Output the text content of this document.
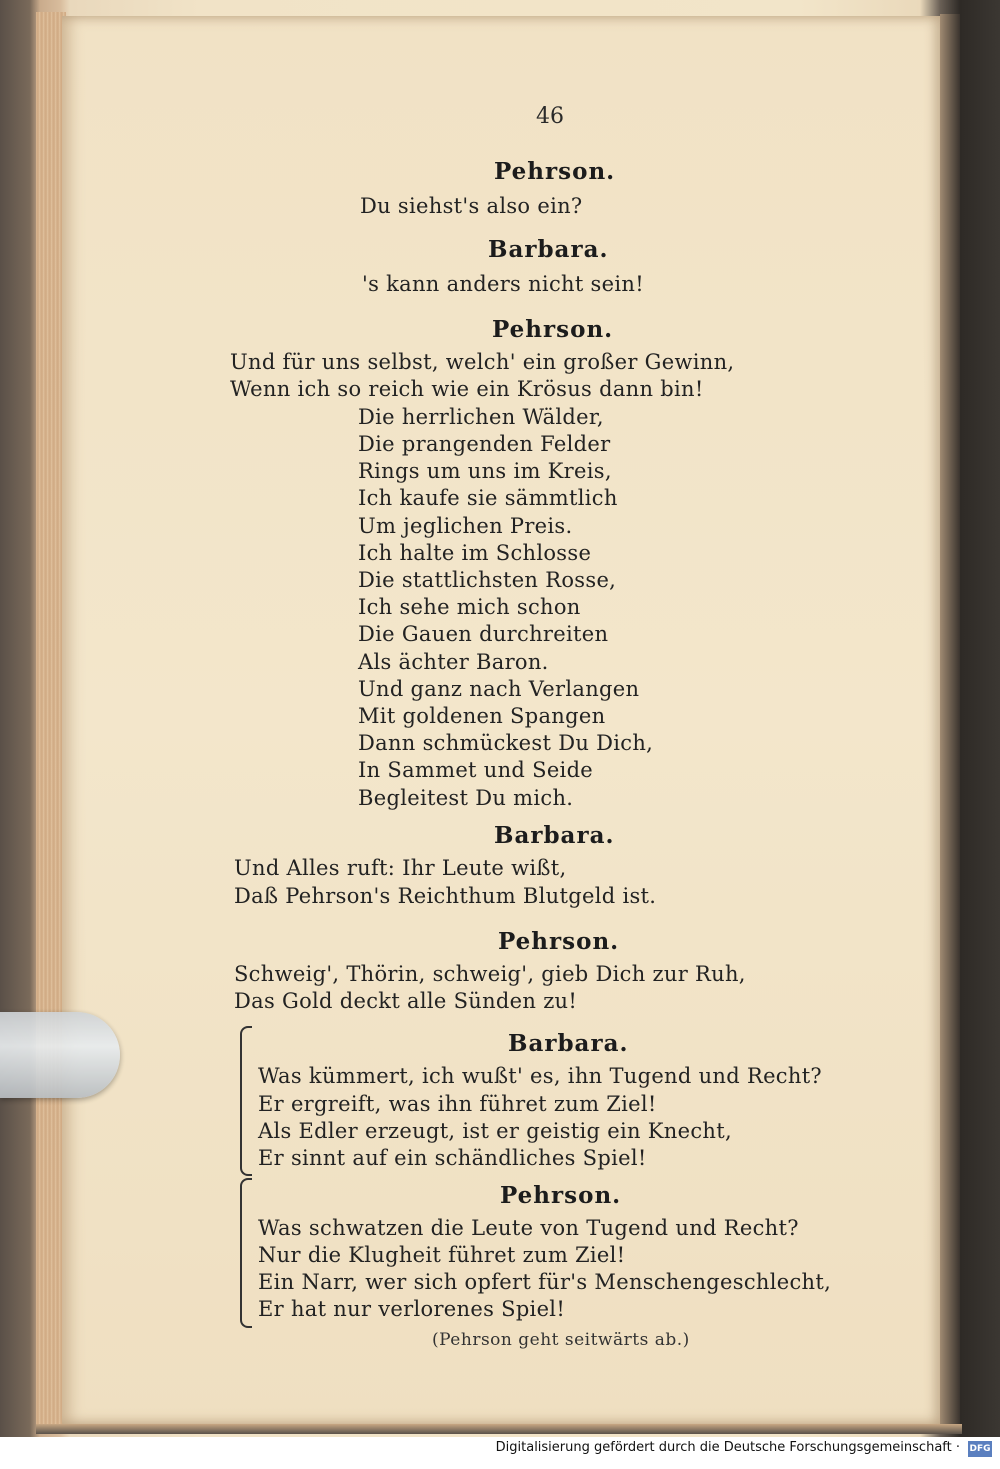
46
Pehrson.
Du siehst's also ein?
Barbara.
's kann anders nicht sein!
Pehrson.
Und für uns selbst, welch' ein großer Gewinn,
Wenn ich so reich wie ein Krösus dann bin!
Die herrlichen Wälder,
Die prangenden Felder
Rings um uns im Kreis,
Ich kaufe sie sämmtlich
Um jeglichen Preis.
Ich halte im Schlosse
Die stattlichsten Rosse,
Ich sehe mich schon
Die Gauen durchreiten
Als ächter Baron.
Und ganz nach Verlangen
Mit goldenen Spangen
Dann schmückest Du Dich,
In Sammet und Seide
Begleitest Du mich.
Barbara.
Und Alles ruft: Ihr Leute wißt,
Daß Pehrson's Reichthum Blutgeld ist.
Pehrson.
Schweig', Thörin, schweig', gieb Dich zur Ruh,
Das Gold deckt alle Sünden zu!
Barbara.
Was kümmert, ich wußt' es, ihn Tugend und Recht?
Er ergreift, was ihn führet zum Ziel!
Als Edler erzeugt, ist er geistig ein Knecht,
Er sinnt auf ein schändliches Spiel!
Pehrson.
Was schwatzen die Leute von Tugend und Recht?
Nur die Klugheit führet zum Ziel!
Ein Narr, wer sich opfert für's Menschengeschlecht,
Er hat nur verlorenes Spiel!
(Pehrson geht seitwärts ab.)
Digitalisierung gefördert durch die Deutsche Forschungsgemeinschaft · DFG
